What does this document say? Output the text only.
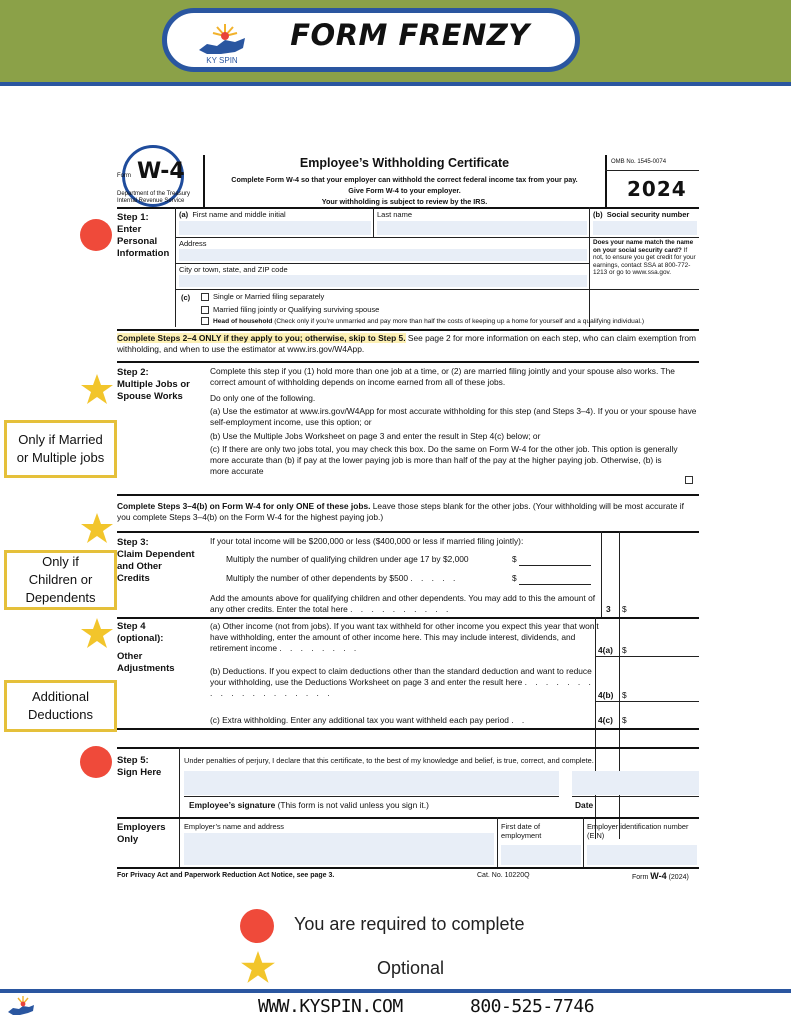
KY SPIN
FORM FRENZY
Form W-4
Department of the Treasury Internal Revenue Service
Employee’s Withholding Certificate
Complete Form W-4 so that your employer can withhold the correct federal income tax from your pay.
Give Form W-4 to your employer.
Your withholding is subject to review by the IRS.
OMB No. 1545-0074
2024
Step 1:
Enter Personal Information
(a) First name and middle initial	Last name	(b) Social security number
Address
City or town, state, and ZIP code
Does your name match the name on your social security card? If not, to ensure you get credit for your earnings, contact SSA at 800-772-1213 or go to www.ssa.gov.
(c)	Single or Married filing separately
Married filing jointly or Qualifying surviving spouse
Head of household (Check only if you’re unmarried and pay more than half the costs of keeping up a home for yourself and a qualifying individual.)
Complete Steps 2–4 ONLY if they apply to you; otherwise, skip to Step 5. See page 2 for more information on each step, who can claim exemption from withholding, and when to use the estimator at www.irs.gov/W4App.
Step 2:
Multiple Jobs or Spouse Works
Complete this step if you (1) hold more than one job at a time, or (2) are married filing jointly and your spouse also works. The correct amount of withholding depends on income earned from all of these jobs.
Do only one of the following.
(a) Use the estimator at www.irs.gov/W4App for most accurate withholding for this step (and Steps 3–4). If you or your spouse have self-employment income, use this option; or
(b) Use the Multiple Jobs Worksheet on page 3 and enter the result in Step 4(c) below; or
(c) If there are only two jobs total, you may check this box. Do the same on Form W-4 for the other job. This option is generally more accurate than (b) if pay at the lower paying job is more than half of the pay at the higher paying job. Otherwise, (b) is more accurate
Complete Steps 3–4(b) on Form W-4 for only ONE of these jobs. Leave those steps blank for the other jobs. (Your withholding will be most accurate if you complete Steps 3–4(b) on the Form W-4 for the highest paying job.)
Step 3:
Claim Dependent and Other Credits
If your total income will be $200,000 or less ($400,000 or less if married filing jointly):
Multiply the number of qualifying children under age 17 by $2,000	$
Multiply the number of other dependents by $500 . . . . .	$
Add the amounts above for qualifying children and other dependents. You may add to this the amount of any other credits. Enter the total here . . . . . . . . . .	3 $
Step 4
(optional):
Other Adjustments
(a) Other income (not from jobs). If you want tax withheld for other income you expect this year that won’t have withholding, enter the amount of other income here. This may include interest, dividends, and retirement income . . . . . . . .	4(a) $
(b) Deductions. If you expect to claim deductions other than the standard deduction and want to reduce your withholding, use the Deductions Worksheet on page 3 and enter the result here . . . . . . . . . . . . . . . . . . .	4(b) $
(c) Extra withholding. Enter any additional tax you want withheld each pay period . .	4(c) $
Step 5:
Sign Here
Under penalties of perjury, I declare that this certificate, to the best of my knowledge and belief, is true, correct, and complete.
Employee’s signature (This form is not valid unless you sign it.)	Date
Employers Only
Employer’s name and address	First date of employment
Employer identification number (EIN)
For Privacy Act and Paperwork Reduction Act Notice, see page 3.	Cat. No. 10220Q	Form W-4 (2024)
Only if Married or Multiple jobs
Only if Children or Dependents
Additional Deductions
You are required to complete
Optional
WWW.KYSPIN.COM	800-525-7746
